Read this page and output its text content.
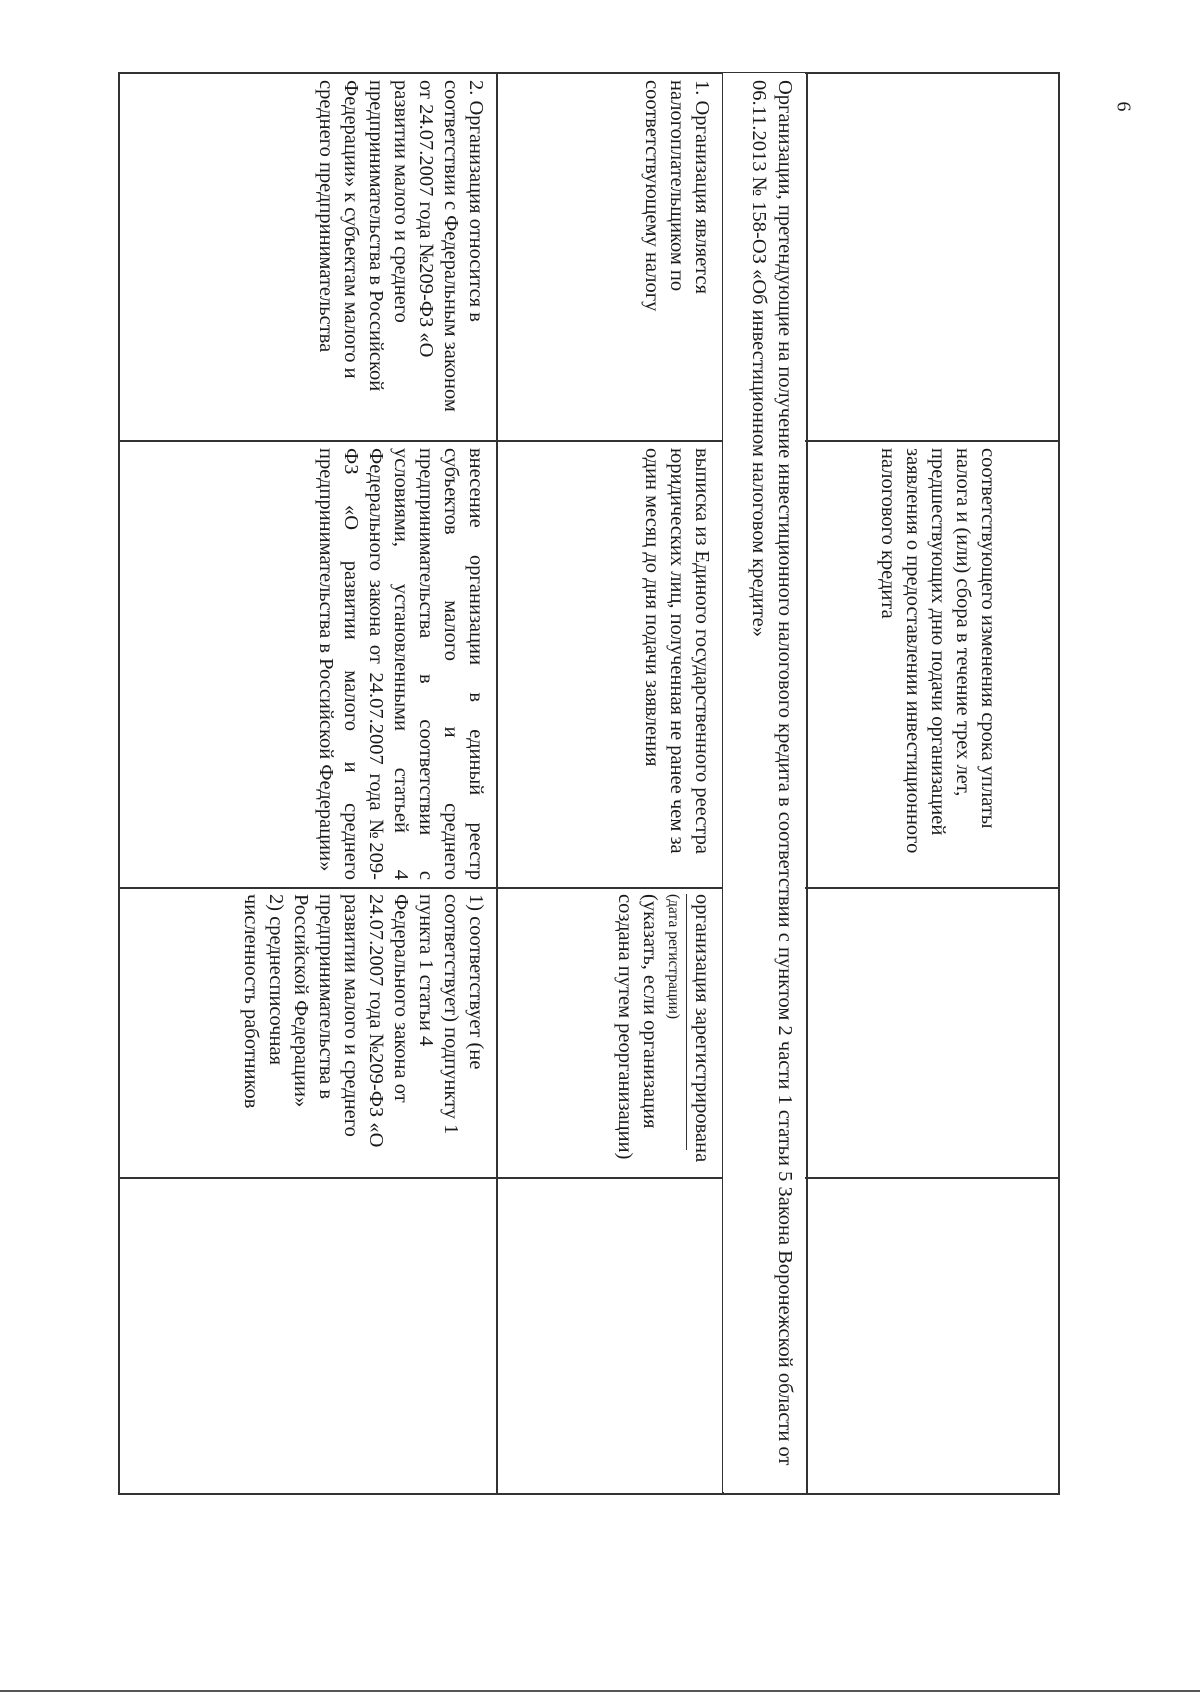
6

соответствующего изменения срока уплаты налога и (или) сбора в течение трех лет, предшествующих дню подачи организацией заявления о предоставлении инвестиционного налогового кредита

Организации, претендующие на получение инвестиционного налогового кредита в соответствии с пунктом 2 части 1 статьи 5 Закона Воронежской области от 06.11.2013 № 158-ОЗ «Об инвестиционном налоговом кредите»

1. Организация является налогоплательщиком по соответствующему налогу

выписка из Единого государственного реестра юридических лиц, полученная не ранее чем за один месяц до дня подачи заявления

организация зарегистрирована

(дата регистрации)

(указать, если организация создана путем реорганизации)

2. Организация относится в соответствии с Федеральным законом от 24.07.2007 года №209-ФЗ «О развитии малого и среднего предпринимательства в Российской Федерации» к субъектам малого и среднего предпринимательства

внесение организации в единый реестр субъектов малого и среднего предпринимательства в соответствии с условиями, установленными статьей 4 Федерального закона от 24.07.2007 года №209-ФЗ «О развитии малого и среднего предпринимательства в Российской Федерации»

1) соответствует (не соответствует) подпункту 1 пункта 1 статьи 4 Федерального закона от 24.07.2007 года №209-ФЗ «О развитии малого и среднего предпринимательства в Российской Федерации»

2) среднесписочная численность работников
